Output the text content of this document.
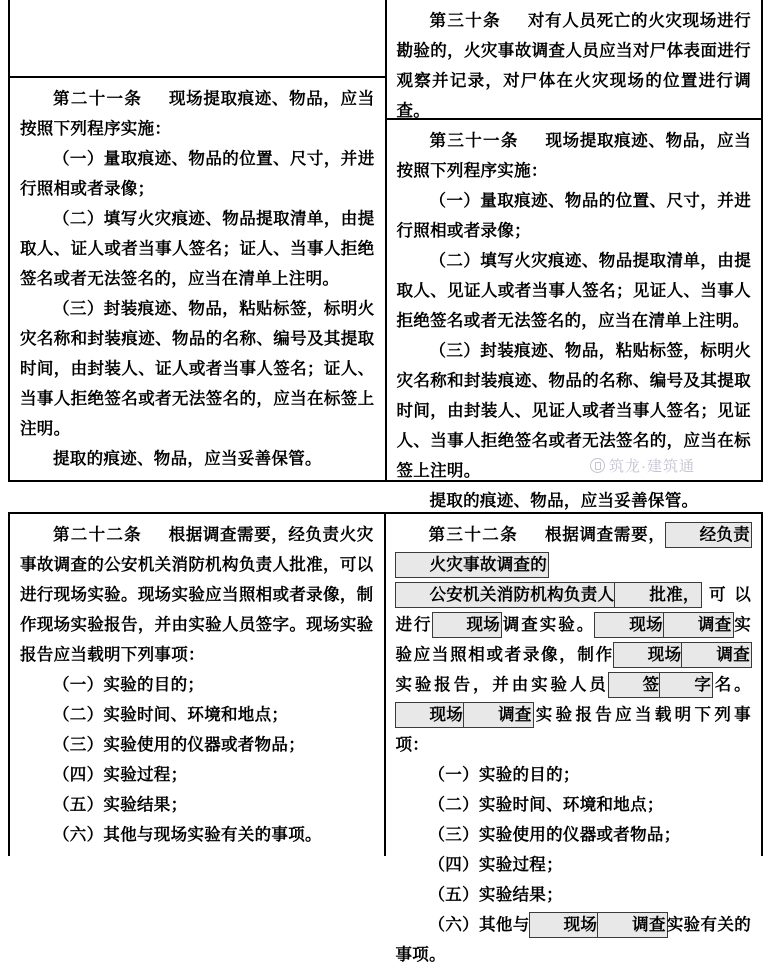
第二十一条 现场提取痕迹、物品，应当按照下列程序实施：

（一）量取痕迹、物品的位置、尺寸，并进行照相或者录像；

（二）填写火灾痕迹、物品提取清单，由提取人、证人或者当事人签名；证人、当事人拒绝签名或者无法签名的，应当在清单上注明。

（三）封装痕迹、物品，粘贴标签，标明火灾名称和封装痕迹、物品的名称、编号及其提取时间，由封装人、证人或者当事人签名；证人、当事人拒绝签名或者无法签名的，应当在标签上注明。

提取的痕迹、物品，应当妥善保管。

第三十条 对有人员死亡的火灾现场进行勘验的，火灾事故调查人员应当对尸体表面进行观察并记录，对尸体在火灾现场的位置进行调查。

第三十一条 现场提取痕迹、物品，应当按照下列程序实施：

（一）量取痕迹、物品的位置、尺寸，并进行照相或者录像；

（二）填写火灾痕迹、物品提取清单，由提取人、见证人或者当事人签名；见证人、当事人拒绝签名或者无法签名的，应当在清单上注明。

（三）封装痕迹、物品，粘贴标签，标明火灾名称和封装痕迹、物品的名称、编号及其提取时间，由封装人、见证人或者当事人签名；见证人、当事人拒绝签名或者无法签名的，应当在标签上注明。

提取的痕迹、物品，应当妥善保管。

筑龙·建筑通

第二十二条 根据调查需要，经负责火灾事故调查的公安机关消防机构负责人批准，可以进行现场实验。现场实验应当照相或者录像，制作现场实验报告，并由实验人员签字。现场实验报告应当载明下列事项：

（一）实验的目的；

（二）实验时间、环境和地点；

（三）实验使用的仪器或者物品；

（四）实验过程；

（五）实验结果；

（六）其他与现场实验有关的事项。

第三十二条 根据调查需要， 经负责火灾事故调查的公安机关消防机构负责人 批准，可以进行 现场调查实验。 现场 调查实验应当照相或者录像，制作 现场 调查实验报告，并由实验人员 签 字名。现场 调查实验报告应当载明下列事项：

（一）实验的目的；

（二）实验时间、环境和地点；

（三）实验使用的仪器或者物品；

（四）实验过程；

（五）实验结果；

（六）其他与 现场 调查实验有关的事项。
